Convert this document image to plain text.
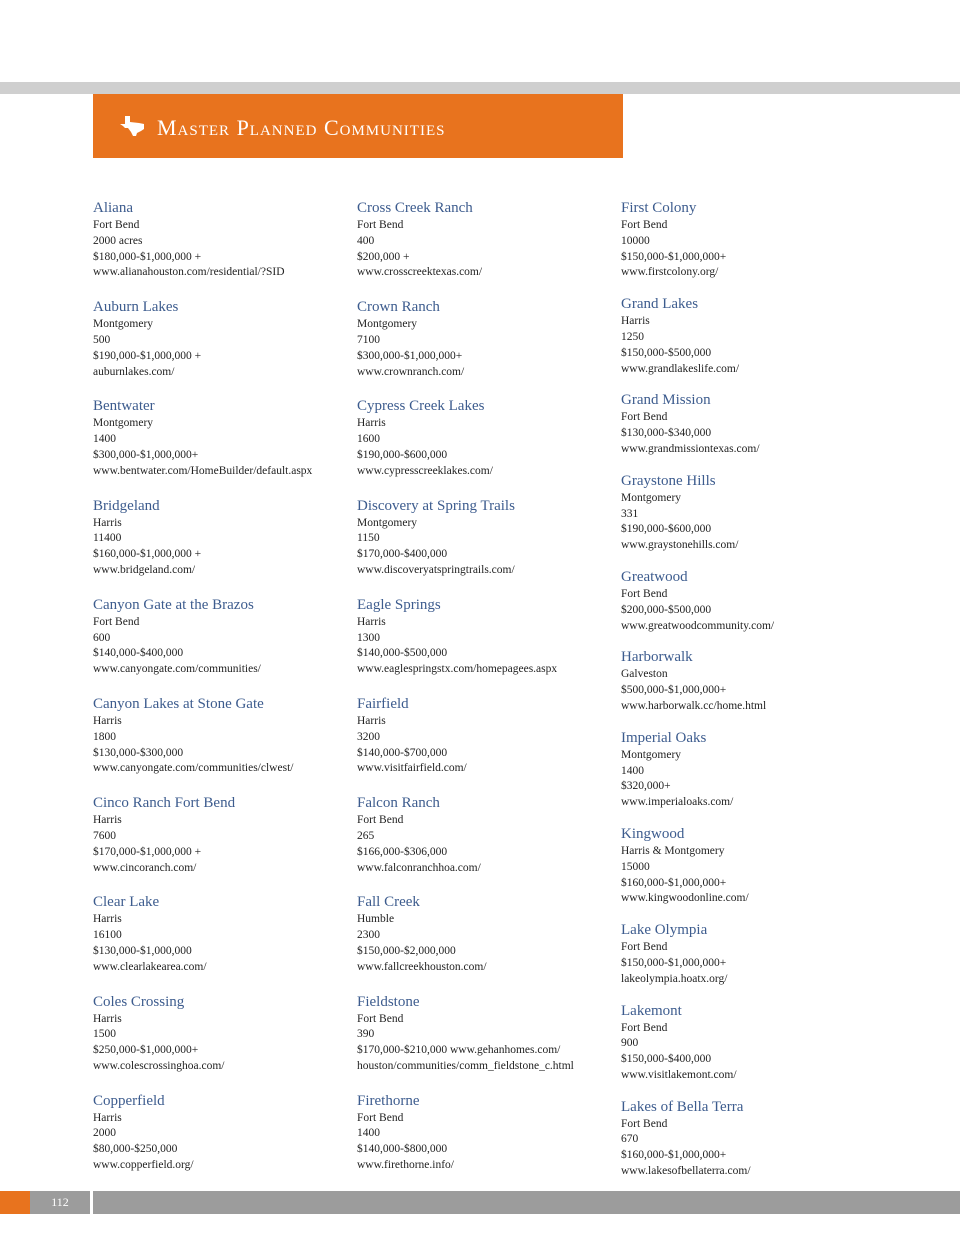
Master Planned Communities
Aliana
Fort Bend
2000 acres
$180,000-$1,000,000 +
www.alianahouston.com/residential/?SID
Auburn Lakes
Montgomery
500
$190,000-$1,000,000 +
auburnlakes.com/
Bentwater
Montgomery
1400
$300,000-$1,000,000+
www.bentwater.com/HomeBuilder/default.aspx
Bridgeland
Harris
11400
$160,000-$1,000,000 +
www.bridgeland.com/
Canyon Gate at the Brazos
Fort Bend
600
$140,000-$400,000
www.canyongate.com/communities/
Canyon Lakes at Stone Gate
Harris
1800
$130,000-$300,000
www.canyongate.com/communities/clwest/
Cinco Ranch Fort Bend
Harris
7600
$170,000-$1,000,000 +
www.cincoranch.com/
Clear Lake
Harris
16100
$130,000-$1,000,000
www.clearlakearea.com/
Coles Crossing
Harris
1500
$250,000-$1,000,000+
www.colescrossinghoa.com/
Copperfield
Harris
2000
$80,000-$250,000
www.copperfield.org/
Cross Creek Ranch
Fort Bend
400
$200,000 +
www.crosscreektexas.com/
Crown Ranch
Montgomery
7100
$300,000-$1,000,000+
www.crownranch.com/
Cypress Creek Lakes
Harris
1600
$190,000-$600,000
www.cypresscreeklakes.com/
Discovery at Spring Trails
Montgomery
1150
$170,000-$400,000
www.discoveryatspringtrails.com/
Eagle Springs
Harris
1300
$140,000-$500,000
www.eaglespringstx.com/homepagees.aspx
Fairfield
Harris
3200
$140,000-$700,000
www.visitfairfield.com/
Falcon Ranch
Fort Bend
265
$166,000-$306,000
www.falconranchhoa.com/
Fall Creek
Humble
2300
$150,000-$2,000,000
www.fallcreekhouston.com/
Fieldstone
Fort Bend
390
$170,000-$210,000 www.gehanhomes.com/
houston/communities/comm_fieldstone_c.html
Firethorne
Fort Bend
1400
$140,000-$800,000
www.firethorne.info/
First Colony
Fort Bend
10000
$150,000-$1,000,000+
www.firstcolony.org/
Grand Lakes
Harris
1250
$150,000-$500,000
www.grandlakeslife.com/
Grand Mission
Fort Bend
$130,000-$340,000
www.grandmissiontexas.com/
Graystone Hills
Montgomery
331
$190,000-$600,000
www.graystonehills.com/
Greatwood
Fort Bend
$200,000-$500,000
www.greatwoodcommunity.com/
Harborwalk
Galveston
$500,000-$1,000,000+
www.harborwalk.cc/home.html
Imperial Oaks
Montgomery
1400
$320,000+
www.imperialoaks.com/
Kingwood
Harris & Montgomery
15000
$160,000-$1,000,000+
www.kingwoodonline.com/
Lake Olympia
Fort Bend
$150,000-$1,000,000+
lakeolympia.hoatx.org/
Lakemont
Fort Bend
900
$150,000-$400,000
www.visitlakemont.com/
Lakes of Bella Terra
Fort Bend
670
$160,000-$1,000,000+
www.lakesofbellaterra.com/
112
